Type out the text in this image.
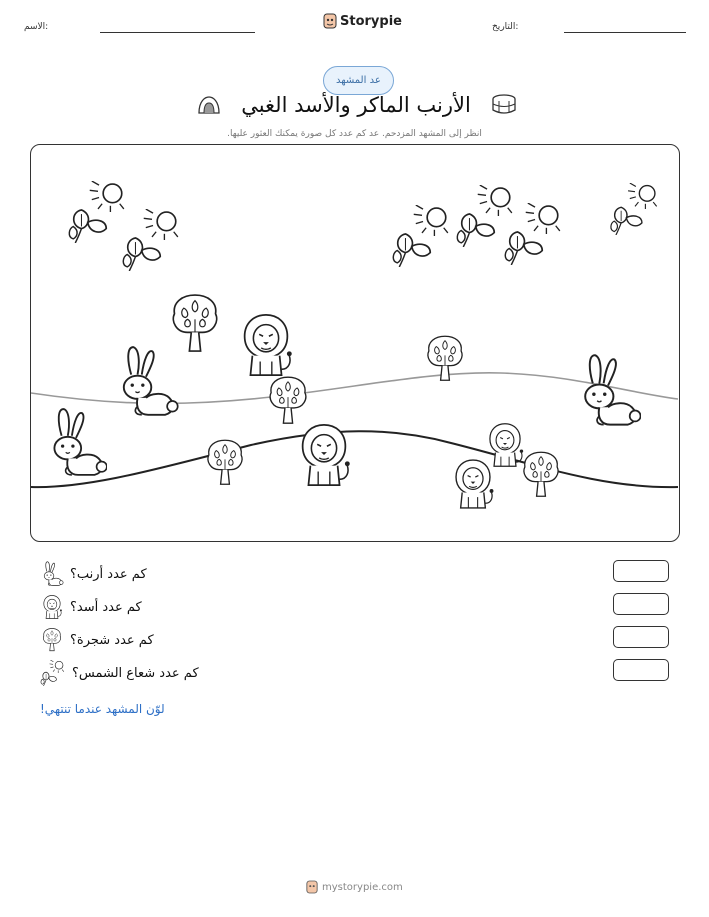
الاسم:	Storypie	التاريخ:
عد المشهد
الأرنب الماكر والأسد الغبي
انظر إلى المشهد المزدحم. عد كم عدد كل صورة يمكنك العثور عليها.
كم عدد أرنب؟
كم عدد أسد؟
كم عدد شجرة؟
كم عدد شعاع الشمس؟
لوّن المشهد عندما تنتهي!
mystorypie.com
